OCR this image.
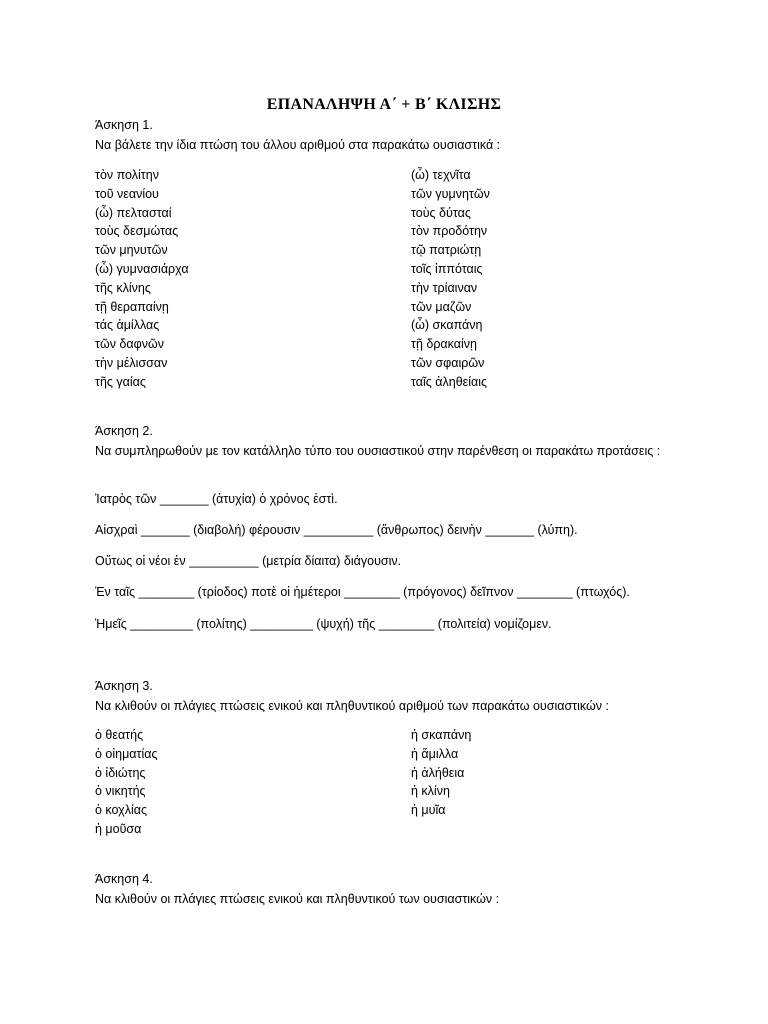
ΕΠΑΝΑΛΗΨΗ Α΄ + Β΄ ΚΛΙΣΗΣ
Άσκηση 1.
Να βάλετε την ίδια πτώση του άλλου αριθμού στα παρακάτω ουσιαστικά :
τὸν πολίτην
τοῦ νεανίου
(ὦ) πελτασταί
τοὺς δεσμώτας
τῶν μηνυτῶν
(ὦ) γυμνασιάρχα
τῆς κλίνης
τῇ θεραπαίνῃ
τάς ἁμίλλας
τῶν δαφνῶν
τὴν μέλισσαν
τῆς γαίας
(ὦ) τεχνῖτα
τῶν γυμνητῶν
τοὺς δύτας
τὸν προδότην
τῷ πατριώτῃ
τοῖς ἱππόταις
τὴν τρίαιναν
τῶν μαζῶν
(ὦ) σκαπάνη
τῇ δρακαίνῃ
τῶν σφαιρῶν
ταῖς ἀληθείαις
Άσκηση 2.
Να συμπληρωθούν με τον κατάλληλο τύπο του ουσιαστικού στην παρένθεση οι παρακάτω προτάσεις :
Ἰατρὸς τῶν _______ (ἀτυχία) ὁ χρόνος ἐστὶ.
Αἰσχραὶ _______ (διαβολή) φέρουσιν __________ (ἄνθρωπος) δεινὴν _______ (λύπη).
Οὕτως οἱ νέοι ἐν __________ (μετρία δίαιτα) διάγουσιν.
Ἐν ταῖς ________ (τρίοδος) ποτὲ οἱ ἡμέτεροι ________ (πρόγονος) δεῖπνον ________ (πτωχός).
Ἡμεῖς _________ (πολίτης) _________ (ψυχή) τῆς ________ (πολιτεία) νομίζομεν.
Άσκηση 3.
Να κλιθούν οι πλάγιες πτώσεις ενικού και πληθυντικού αριθμού των παρακάτω ουσιαστικών :
ὁ θεατής
ὁ οἰηματίας
ὁ ἰδιώτης
ὁ νικητής
ὁ κοχλίας
ἡ μοῦσα
ἡ σκαπάνη
ἡ ἅμιλλα
ἡ ἀλήθεια
ἡ κλίνη
ἡ μυῖα
Άσκηση 4.
Να κλιθούν οι πλάγιες πτώσεις ενικού και πληθυντικού των ουσιαστικών :
